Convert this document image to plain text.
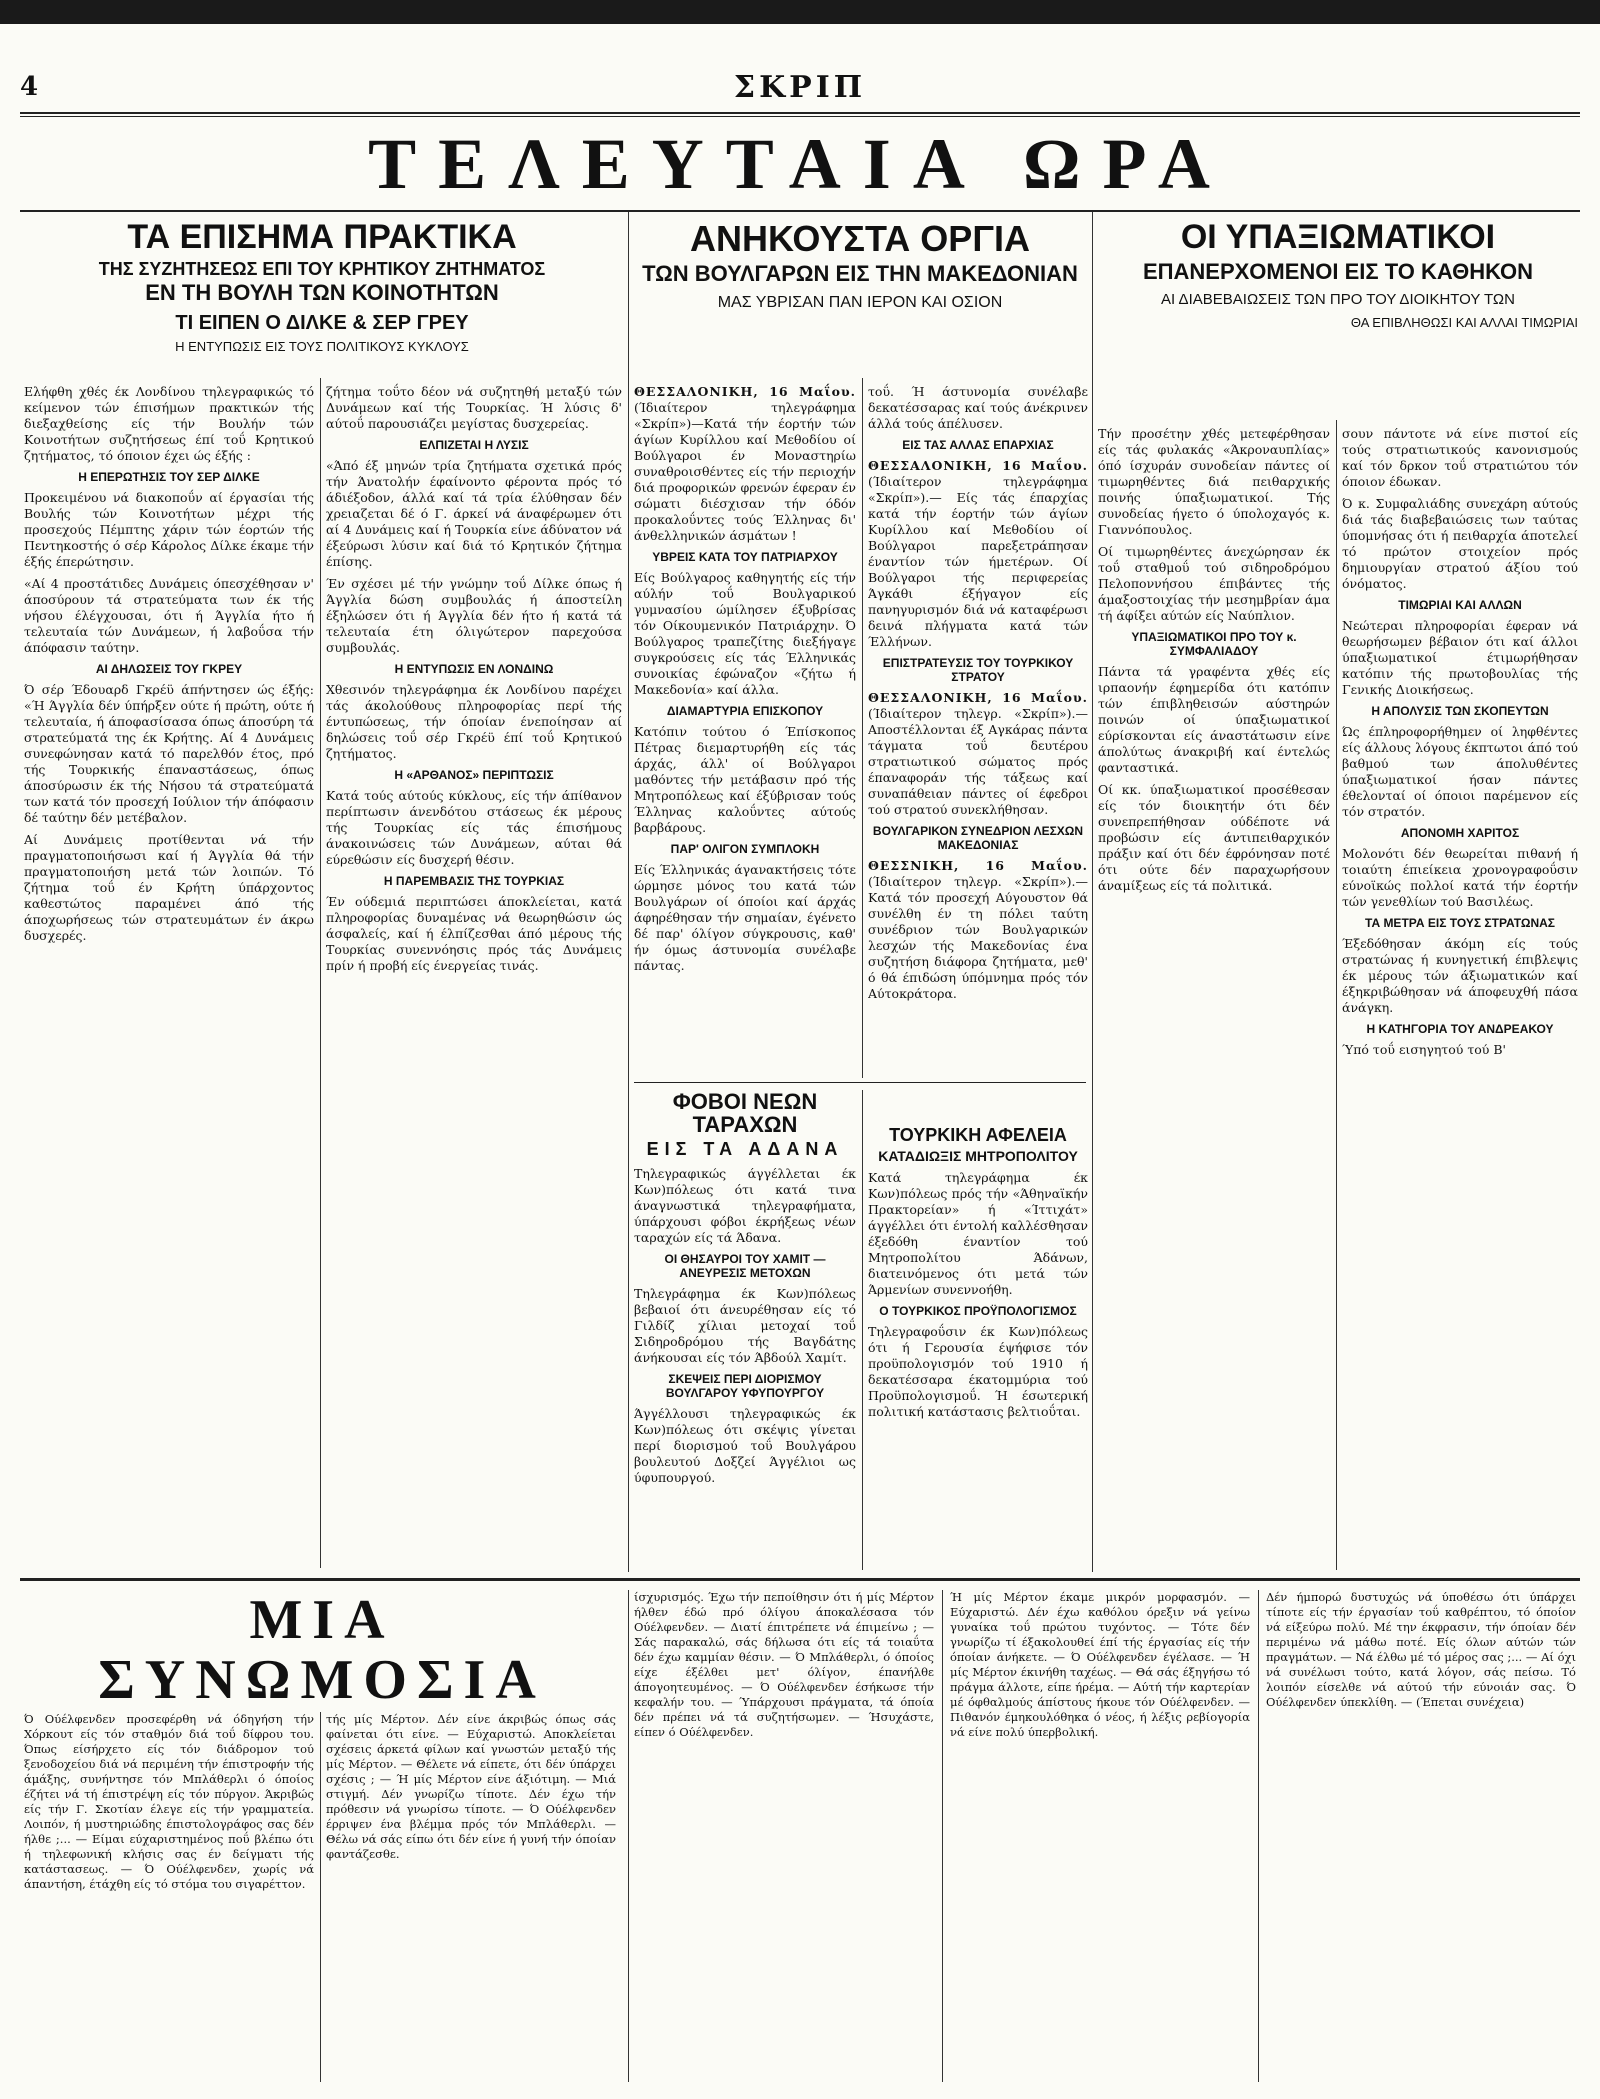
4	ΣΚΡΙΠ
ΤΕΛΕΥΤΑΙΑ ΩΡΑ
ΤΑ ΕΠΙΣΗΜΑ ΠΡΑΚΤΙΚΑ
ΤΗΣ ΣΥΖΗΤΗΣΕΩΣ ΕΠΙ ΤΟΥ ΚΡΗΤΙΚΟΥ ΖΗΤΗΜΑΤΟΣ
ΕΝ ΤΗ ΒΟΥΛΗ ΤΩΝ ΚΟΙΝΟΤΗΤΩΝ
ΤΙ ΕΙΠΕΝ Ο ΔΙΛΚΕ & ΣΕΡ ΓΡΕΥ
Η ΕΝΤΥΠΩΣΙΣ ΕΙΣ ΤΟΥΣ ΠΟΛΙΤΙΚΟΥΣ ΚΥΚΛΟΥΣ

Ελήφθη χθές έκ Λονδίνου τηλεγραφικώς τό κείμενον τών έπισήμων πρακτικών τής διεξαχθείσης είς τήν Βουλήν τών Κοινοτήτων συζητήσεως έπί τοΰ Κρητικού ζητήματος, τό όποιον έχει ώς έξής :

Η ΕΠΕΡΩΤΗΣΙΣ ΤΟΥ ΣΕΡ ΔΙΛΚΕ

Προκειμένου νά διακοποΰν αί έργασίαι τής Βουλής τών Κοινοτήτων μέχρι τής προσεχούς Πέμπτης χάριν τών έορτών τής Πεντηκοστής ό σέρ Κάρολος Δίλκε έκαμε τήν έξής έπερώτησιν.

«Αί 4 προστάτιδες Δυνάμεις όπεσχέθησαν ν' άποσύρουν τά στρατεύματα των έκ τής νήσου έλέγχουσαι, ότι ή Άγγλία ήτο ή τελευταία τών Δυνάμεων, ή λαβοΰσα τήν άπόφασιν ταύτην.

ΑΙ ΔΗΛΩΣΕΙΣ ΤΟΥ ΓΚΡΕΥ

Ό σέρ Έδουαρδ Γκρέϋ άπήντησεν ώς έξής: «Ή Άγγλία δέν ύπήρξεν ούτε ή πρώτη, ούτε ή τελευταία, ή άποφασίσασα όπως άποσύρη τά στρατεύματά της έκ Κρήτης. Αί 4 Δυνάμεις συνεφώνησαν κατά τό παρελθόν έτος, πρό τής Τουρκικής έπαναστάσεως, όπως άποσύρωσιν έκ τής Νήσου τά στρατεύματά των κατά τόν προσεχή Ιούλιον τήν άπόφασιν δέ ταύτην δέν μετέβαλον.

Αί Δυνάμεις προτίθενται νά τήν πραγματοποιήσωσι καί ή Άγγλία θά τήν πραγματοποιήση μετά τών λοιπών. Τό ζήτημα τοΰ έν Κρήτη ύπάρχοντος καθεστώτος παραμένει άπό τής άποχωρήσεως τών στρατευμάτων έν άκρω δυσχερές.

ζήτημα τοΰτο δέον νά συζητηθή μεταξύ τών Δυνάμεων καί τής Τουρκίας. Ή λύσις δ' αύτοΰ παρουσιάζει μεγίστας δυσχερείας.

ΕΛΠΙΖΕΤΑΙ Η ΛΥΣΙΣ

«Άπό έξ μηνών τρία ζητήματα σχετικά πρός τήν Άνατολήν έφαίνοντο φέροντα πρός τό άδιέξοδον, άλλά καί τά τρία έλύθησαν δέν χρειαζεται δέ ό Γ. άρκεί νά άναφέρωμεν ότι αί 4 Δυνάμεις καί ή Τουρκία είνε άδύνατον νά έξεύρωσι λύσιν καί διά τό Κρητικόν ζήτημα έπίσης.

Έν σχέσει μέ τήν γνώμην τοΰ Δίλκε όπως ή Άγγλία δώση συμβουλάς ή άποστείλη έξηλώσεν ότι ή Άγγλία δέν ήτο ή κατά τά τελευταία έτη όλιγώτερον παρεχούσα συμβουλάς.

Η ΕΝΤΥΠΩΣΙΣ ΕΝ ΛΟΝΔΙΝΩ

Χθεσινόν τηλεγράφημα έκ Λονδίνου παρέχει τάς άκολούθους πληροφορίας περί τής έντυπώσεως, τήν όποίαν ένεποίησαν αί δηλώσεις τοΰ σέρ Γκρέϋ έπί τοΰ Κρητικού ζητήματος.

Η «ΑΡΘΑΝΟΣ» ΠΕΡΙΠΤΩΣΙΣ

Κατά τούς αύτούς κύκλους, είς τήν άπίθανον περίπτωσιν άνενδότου στάσεως έκ μέρους τής Τουρκίας είς τάς έπισήμους άνακοινώσεις τών Δυνάμεων, αύται θά εύρεθώσιν είς δυσχερή θέσιν.

Η ΠΑΡΕΜΒΑΣΙΣ ΤΗΣ ΤΟΥΡΚΙΑΣ

Έν ούδεμιά περιπτώσει άποκλείεται, κατά πληροφορίας δυναμένας νά θεωρηθώσιν ώς άσφαλείς, καί ή έλπίζεσθαι άπό μέρους τής Τουρκίας συνεννόησις πρός τάς Δυνάμεις πρίν ή προβή είς ένεργείας τινάς.

ΑΝΗΚΟΥΣΤΑ ΟΡΓΙΑ
ΤΩΝ ΒΟΥΛΓΑΡΩΝ ΕΙΣ ΤΗΝ ΜΑΚΕΔΟΝΙΑΝ
ΜΑΣ ΥΒΡΙΣΑΝ ΠΑΝ ΙΕΡΟΝ ΚΑΙ ΟΣΙΟΝ

ΘΕΣΣΑΛΟΝΙΚΗ, 16 Μαΐου. (Ίδιαίτερον τηλεγράφημα «Σκρίπ»)—Κατά τήν έορτήν τών άγίων Κυρίλλου καί Μεθοδίου οί Βούλγαροι έν Μοναστηρίω συναθροισθέντες είς τήν περιοχήν διά προφορικών φρενών έφεραν έν σώματι διέσχισαν τήν όδόν προκαλοΰντες τούς Έλληνας δι' άνθελληνικών άσμάτων !

ΥΒΡΕΙΣ ΚΑΤΑ ΤΟΥ ΠΑΤΡΙΑΡΧΟΥ

Είς Βούλγαρος καθηγητής είς τήν αύλήν τοΰ Βουλγαρικού γυμνασίου ώμίλησεν έξυβρίσας τόν Οίκουμενικόν Πατριάρχην. Ό Βούλγαρος τραπεζίτης διεξήγαγε συγκρούσεις είς τάς Έλληνικάς συνοικίας έφώναζον «ζήτω ή Μακεδονία» καί άλλα.

ΔΙΑΜΑΡΤΥΡΙΑ ΕΠΙΣΚΟΠΟΥ

Κατόπιν τούτου ό Έπίσκοπος Πέτρας διεμαρτυρήθη είς τάς άρχάς, άλλ' οί Βούλγαροι μαθόντες τήν μετάβασιν πρό τής Μητροπόλεως καί έξύβρισαν τούς Έλληνας καλοΰντες αύτούς βαρβάρους.

ΠΑΡ' ΟΛΙΓΟΝ ΣΥΜΠΛΟΚΗ

Είς Έλληνικάς άγανακτήσεις τότε ώρμησε μόνος του κατά τών Βουλγάρων οί όποίοι καί άρχάς άφηρέθησαν τήν σημαίαν, έγένετο δέ παρ' όλίγον σύγκρουσις, καθ' ήν όμως άστυνομία συνέλαβε πάντας.

τοΰ. Ή άστυνομία συνέλαβε δεκατέσσαρας καί τούς άνέκρινεν άλλά τούς άπέλυσεν.

ΕΙΣ ΤΑΣ ΑΛΛΑΣ ΕΠΑΡΧΙΑΣ

ΘΕΣΣΑΛΟΝΙΚΗ, 16 Μαΐου. (Ίδιαίτερον τηλεγράφημα «Σκρίπ»).— Είς τάς έπαρχίας κατά τήν έορτήν τών άγίων Κυρίλλου καί Μεθοδίου οί Βούλγαροι παρεξετράπησαν έναντίον τών ήμετέρων. Οί Βούλγαροι τής περιφερείας Άγκάθι έξήγαγον είς πανηγυρισμόν διά νά καταφέρωσι δεινά πλήγματα κατά τών Έλλήνων.

ΕΠΙΣΤΡΑΤΕΥΣΙΣ ΤΟΥ ΤΟΥΡΚΙΚΟΥ ΣΤΡΑΤΟΥ

ΘΕΣΣΑΛΟΝΙΚΗ, 16 Μαΐου. (Ίδιαίτερον τηλεγρ. «Σκρίπ»).—Αποστέλλονται έξ Αγκάρας πάντα τάγματα τοΰ δευτέρου στρατιωτικού σώματος πρός έπαναφοράν τής τάξεως καί συναπάθειαν πάντες οί έφεδροι τού στρατού συνεκλήθησαν.

ΒΟΥΛΓΑΡΙΚΟΝ ΣΥΝΕΔΡΙΟΝ ΛΕΣΧΩΝ ΜΑΚΕΔΟΝΙΑΣ

ΘΕΣΣΝΙΚΗ, 16 Μαΐου. (Ίδιαίτερον τηλεγρ. «Σκρίπ»).—Κατά τόν προσεχή Αύγουστον θά συνέλθη έν τη πόλει ταύτη συνέδριον τών Βουλγαρικών λεσχών τής Μακεδονίας ένα συζητήση διάφορα ζητήματα, μεθ' ό θά έπιδώση ύπόμνημα πρός τόν Αύτοκράτορα.

ΦΟΒΟΙ ΝΕΩΝ ΤΑΡΑΧΩΝ
ΕΙΣ ΤΑ ΑΔΑΝΑ

Τηλεγραφικώς άγγέλλεται έκ Κων)πόλεως ότι κατά τινα άναγνωστικά τηλεγραφήματα, ύπάρχουσι φόβοι έκρήξεως νέων ταραχών είς τά Άδανα.

ΟΙ ΘΗΣΑΥΡΟΙ ΤΟΥ ΧΑΜΙΤ — ΑΝΕΥΡΕΣΙΣ ΜΕΤΟΧΩΝ

Τηλεγράφημα έκ Κων)πόλεως βεβαιοί ότι άνευρέθησαν είς τό Γιλδίζ χίλιαι μετοχαί τοΰ Σιδηροδρόμου τής Βαγδάτης άνήκουσαι είς τόν Άβδούλ Χαμίτ.

ΣΚΕΨΕΙΣ ΠΕΡΙ ΔΙΟΡΙΣΜΟΥ ΒΟΥΛΓΑΡΟΥ ΥΦΥΠΟΥΡΓΟΥ

Άγγέλλουσι τηλεγραφικώς έκ Κων)πόλεως ότι σκέψις γίνεται περί διορισμού τοΰ Βουλγάρου βουλευτού Δοξζεί Άγγέλιοι ως ύφυπουργού.

ΤΟΥΡΚΙΚΗ ΑΦΕΛΕΙΑ
ΚΑΤΑΔΙΩΞΙΣ ΜΗΤΡΟΠΟΛΙΤΟΥ

Κατά τηλεγράφημα έκ Κων)πόλεως πρός τήν «Άθηναϊκήν Πρακτορείαν» ή «Ίττιχάτ» άγγέλλει ότι έντολή καλλέσθησαν έξεδόθη έναντίον τού Μητροπολίτου Άδάνων, διατεινόμενος ότι μετά τών Άρμενίων συνεννοήθη.

Ο ΤΟΥΡΚΙΚΟΣ ΠΡΟΫΠΟΛΟΓΙΣΜΟΣ

Τηλεγραφοΰσιν έκ Κων)πόλεως ότι ή Γερουσία έψήφισε τόν προϋπολογισμόν τού 1910 ή δεκατέσσαρα έκατομμύρια τού Προϋπολογισμοΰ. Ή έσωτερική πολιτική κατάστασις βελτιοΰται.

ΟΙ ΥΠΑΞΙΩΜΑΤΙΚΟΙ
ΕΠΑΝΕΡΧΟΜΕΝΟΙ ΕΙΣ ΤΟ ΚΑΘΗΚΟΝ
ΑΙ ΔΙΑΒΕΒΑΙΩΣΕΙΣ ΤΩΝ ΠΡΟ ΤΟΥ ΔΙΟΙΚΗΤΟΥ ΤΩΝ
ΘΑ ΕΠΙΒΛΗΘΩΣΙ ΚΑΙ ΑΛΛΑΙ ΤΙΜΩΡΙΑΙ

Τήν προσέτην χθές μετεφέρθησαν είς τάς φυλακάς «Άκροναυπλίας» όπό ίσχυράν συνοδείαν πάντες οί τιμωρηθέντες διά πειθαρχικής ποινής ύπαξιωματικοί. Τής συνοδείας ήγετο ό ύπολοχαγός κ. Γιαννόπουλος.

Οί τιμωρηθέντες άνεχώρησαν έκ τοΰ σταθμοΰ τού σιδηροδρόμου Πελοποννήσου έπιβάντες τής άμαξοστοιχίας τήν μεσημβρίαν άμα τή άφίξει αύτών είς Ναύπλιον.

ΥΠΑΞΙΩΜΑΤΙΚΟΙ ΠΡΟ ΤΟΥ κ. ΣΥΜΦΑΛΙΑΔΟΥ

Πάντα τά γραφέντα χθές είς ιρπαονήν έφημερίδα ότι κατόπιν τών έπιβληθεισών αύστηρών ποινών οί ύπαξιωματικοί εύρίσκονται είς άναστάτωσιν είνε άπολύτως άνακριβή καί έντελώς φανταστικά.

Οί κκ. ύπαξιωματικοί προσέθεσαν είς τόν διοικητήν ότι δέν συνεπρεπήθησαν ούδέποτε νά προβώσιν είς άντιπειθαρχικόν πράξιν καί ότι δέν έφρόνησαν ποτέ ότι ούτε δέν παραχωρήσουν άναμίξεως είς τά πολιτικά.

σουν πάντοτε νά είνε πιστοί είς τούς στρατιωτικούς κανονισμούς καί τόν δρκον τοΰ στρατιώτου τόν όποιον έδωκαν.

Ό κ. Συμφαλιάδης συνεχάρη αύτούς διά τάς διαβεβαιώσεις των ταύτας ύπομνήσας ότι ή πειθαρχία άποτελεί τό πρώτον στοιχείον πρός δημιουργίαν στρατού άξίου τού όνόματος.

ΤΙΜΩΡΙΑΙ ΚΑΙ ΑΛΛΩΝ

Νεώτεραι πληροφορίαι έφεραν νά θεωρήσωμεν βέβαιον ότι καί άλλοι ύπαξιωματικοί έτιμωρήθησαν κατόπιν τής πρωτοβουλίας τής Γενικής Διοικήσεως.

Η ΑΠΟΛΥΣΙΣ ΤΩΝ ΣΚΟΠΕΥΤΩΝ

Ώς έπληροφορήθημεν οί ληφθέντες είς άλλους λόγους έκπτωτοι άπό τού βαθμού των άπολυθέντες ύπαξιωματικοί ήσαν πάντες έθελονταί οί όποιοι παρέμενον είς τόν στρατόν.

ΑΠΟΝΟΜΗ ΧΑΡΙΤΟΣ

Μολονότι δέν θεωρείται πιθανή ή τοιαύτη έπιείκεια χρονογραφοΰσιν εύνοϊκώς πολλοί κατά τήν έορτήν τών γενεθλίων τού Βασιλέως.

ΤΑ ΜΕΤΡΑ ΕΙΣ ΤΟΥΣ ΣΤΡΑΤΩΝΑΣ

Έξεδόθησαν άκόμη είς τούς στρατώνας ή κυνηγετική έπιβλεψις έκ μέρους τών άξιωματικών καί έξηκριβώθησαν νά άποφευχθή πάσα άνάγκη.

Η ΚΑΤΗΓΟΡΙΑ ΤΟΥ ΑΝΔΡΕΑΚΟΥ

Ύπό τοΰ εισηγητού τού Β'

ΜΙΑ ΣΥΝΩΜΟΣΙΑ
Ό Ούέλφενδεν προσεφέρθη νά όδηγήση τήν Χόρκουτ είς τόν σταθμόν διά τοΰ δίφρου του. Όπως είσήρχετο είς τόν διάδρομον τού ξενοδοχείου διά νά περιμένη τήν έπιστροφήν τής άμάξης, συνήντησε τόν Μπλάθερλι ό όποίος έζήτει νά τή έπιστρέψη είς τόν πύργον. Άκριβώς είς τήν Γ. Σκοτίαν έλεγε είς τήν γραμματεία. Λοιπόν, ή μυστηριώδης έπιστολογράφος σας δέν ήλθε ;... — Είμαι εύχαριστημένος ποΰ βλέπω ότι ή τηλεφωνική κλήσις σας έν δείγματι τής κατάστασεως. — Ό Ούέλφενδεν, χωρίς νά άπαντήση, έτάχθη είς τό στόμα του σιγαρέττον.
τής μίς Μέρτον. Δέν είνε άκριβώς όπως σάς φαίνεται ότι είνε. — Εύχαριστώ. Αποκλείεται σχέσεις άρκετά φίλων καί γνωστών μεταξύ τής μίς Μέρτον. — Θέλετε νά είπετε, ότι δέν ύπάρχει σχέσις ; — Ή μίς Μέρτον είνε άξιότιμη. — Μιά στιγμή. Δέν γνωρίζω τίποτε. Δέν έχω τήν πρόθεσιν νά γνωρίσω τίποτε. — Ό Ούέλφενδεν έρριψεν ένα βλέμμα πρός τόν Μπλάθερλι. — Θέλω νά σάς είπω ότι δέν είνε ή γυνή τήν όποίαν φαντάζεσθε.
ίσχυρισμός. Έχω τήν πεποίθησιν ότι ή μίς Μέρτον ήλθεν έδώ πρό όλίγου άποκαλέσασα τόν Ούέλφενδεν. — Διατί έπιτρέπετε νά έπιμείνω ; — Σάς παρακαλώ, σάς δήλωσα ότι είς τά τοιαΰτα δέν έχω καμμίαν θέσιν. — Ό Μπλάθερλι, ό όποίος είχε έξέλθει μετ' όλίγον, έπανήλθε άπογοητευμένος. — Ό Ούέλφενδεν έσήκωσε τήν κεφαλήν του. — Ύπάρχουσι πράγματα, τά όποία δέν πρέπει νά τά συζητήσωμεν. — Ήσυχάστε, είπεν ό Ούέλφενδεν.
Ή μίς Μέρτον έκαμε μικρόν μορφασμόν. — Εύχαριστώ. Δέν έχω καθόλου όρεξιν νά γείνω γυναίκα τοΰ πρώτου τυχόντος. — Τότε δέν γνωρίζω τί έξακολουθεί έπί τής έργασίας είς τήν όποίαν άνήκετε. — Ό Ούέλφενδεν έγέλασε. — Ή μίς Μέρτον έκινήθη ταχέως. — Θά σάς έξηγήσω τό πράγμα άλλοτε, είπε ήρέμα. — Αύτή τήν καρτερίαν μέ όφθαλμούς άπίστους ήκουε τόν Ούέλφενδεν. — Πιθανόν έμηκουλόθηκα ό νέος, ή λέξις ρεβίογορία νά είνε πολύ ύπερβολική.
Δέν ήμπορώ δυστυχώς νά ύποθέσω ότι ύπάρχει τίποτε είς τήν έργασίαν τοΰ καθρέπτου, τό όποίον νά είξεύρω πολύ. Μέ την έκφρασιν, τήν όποίαν δέν περιμένω νά μάθω ποτέ. Είς όλων αύτών τών πραγμάτων. — Νά έλθω μέ τό μέρος σας ;... — Αί όχι νά συνέλωσι τούτο, κατά λόγον, σάς πείσω. Τό λοιπόν είσελθε νά αύτού τήν εύνοιάν σας. Ό Ούέλφενδεν ύπεκλίθη. — (Έπεται συνέχεια)
